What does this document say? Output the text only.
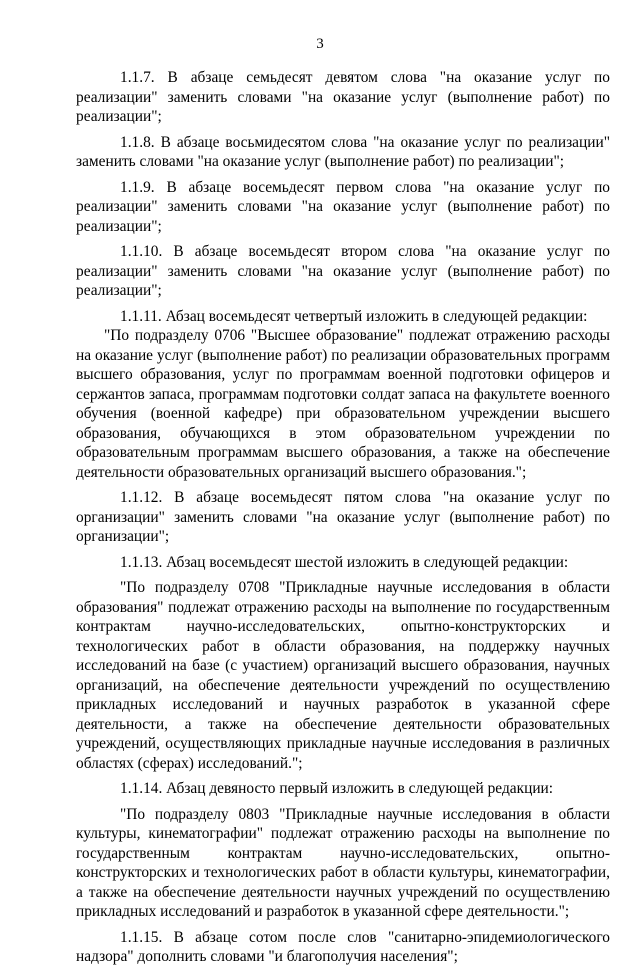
3

1.1.7. В абзаце семьдесят девятом слова "на оказание услуг по реализации" заменить словами "на оказание услуг (выполнение работ) по реализации";

1.1.8. В абзаце восьмидесятом слова "на оказание услуг по реализации" заменить словами "на оказание услуг (выполнение работ) по реализации";

1.1.9. В абзаце восемьдесят первом слова "на оказание услуг по реализации" заменить словами "на оказание услуг (выполнение работ) по реализации";

1.1.10. В абзаце восемьдесят втором слова "на оказание услуг по реализации" заменить словами "на оказание услуг (выполнение работ) по реализации";

1.1.11. Абзац восемьдесят четвертый изложить в следующей редакции:

"По подразделу 0706 "Высшее образование" подлежат отражению расходы на оказание услуг (выполнение работ) по реализации образовательных программ высшего образования, услуг по программам военной подготовки офицеров и сержантов запаса, программам подготовки солдат запаса на факультете военного обучения (военной кафедре) при образовательном учреждении высшего образования, обучающихся в этом образовательном учреждении по образовательным программам высшего образования, а также на обеспечение деятельности образовательных организаций высшего образования.";

1.1.12. В абзаце восемьдесят пятом слова "на оказание услуг по организации" заменить словами "на оказание услуг (выполнение работ) по организации";

1.1.13. Абзац восемьдесят шестой изложить в следующей редакции:

"По подразделу 0708 "Прикладные научные исследования в области образования" подлежат отражению расходы на выполнение по государственным контрактам научно-исследовательских, опытно-конструкторских и технологических работ в области образования, на поддержку научных исследований на базе (с участием) организаций высшего образования, научных организаций, на обеспечение деятельности учреждений по осуществлению прикладных исследований и научных разработок в указанной сфере деятельности, а также на обеспечение деятельности образовательных учреждений, осуществляющих прикладные научные исследования в различных областях (сферах) исследований.";

1.1.14. Абзац девяносто первый изложить в следующей редакции:

"По подразделу 0803 "Прикладные научные исследования в области культуры, кинематографии" подлежат отражению расходы на выполнение по государственным контрактам научно-исследовательских, опытно-конструкторских и технологических работ в области культуры, кинематографии, а также на обеспечение деятельности научных учреждений по осуществлению прикладных исследований и разработок в указанной сфере деятельности.";

1.1.15. В абзаце сотом после слов "санитарно-эпидемиологического надзора" дополнить словами "и благополучия населения";
